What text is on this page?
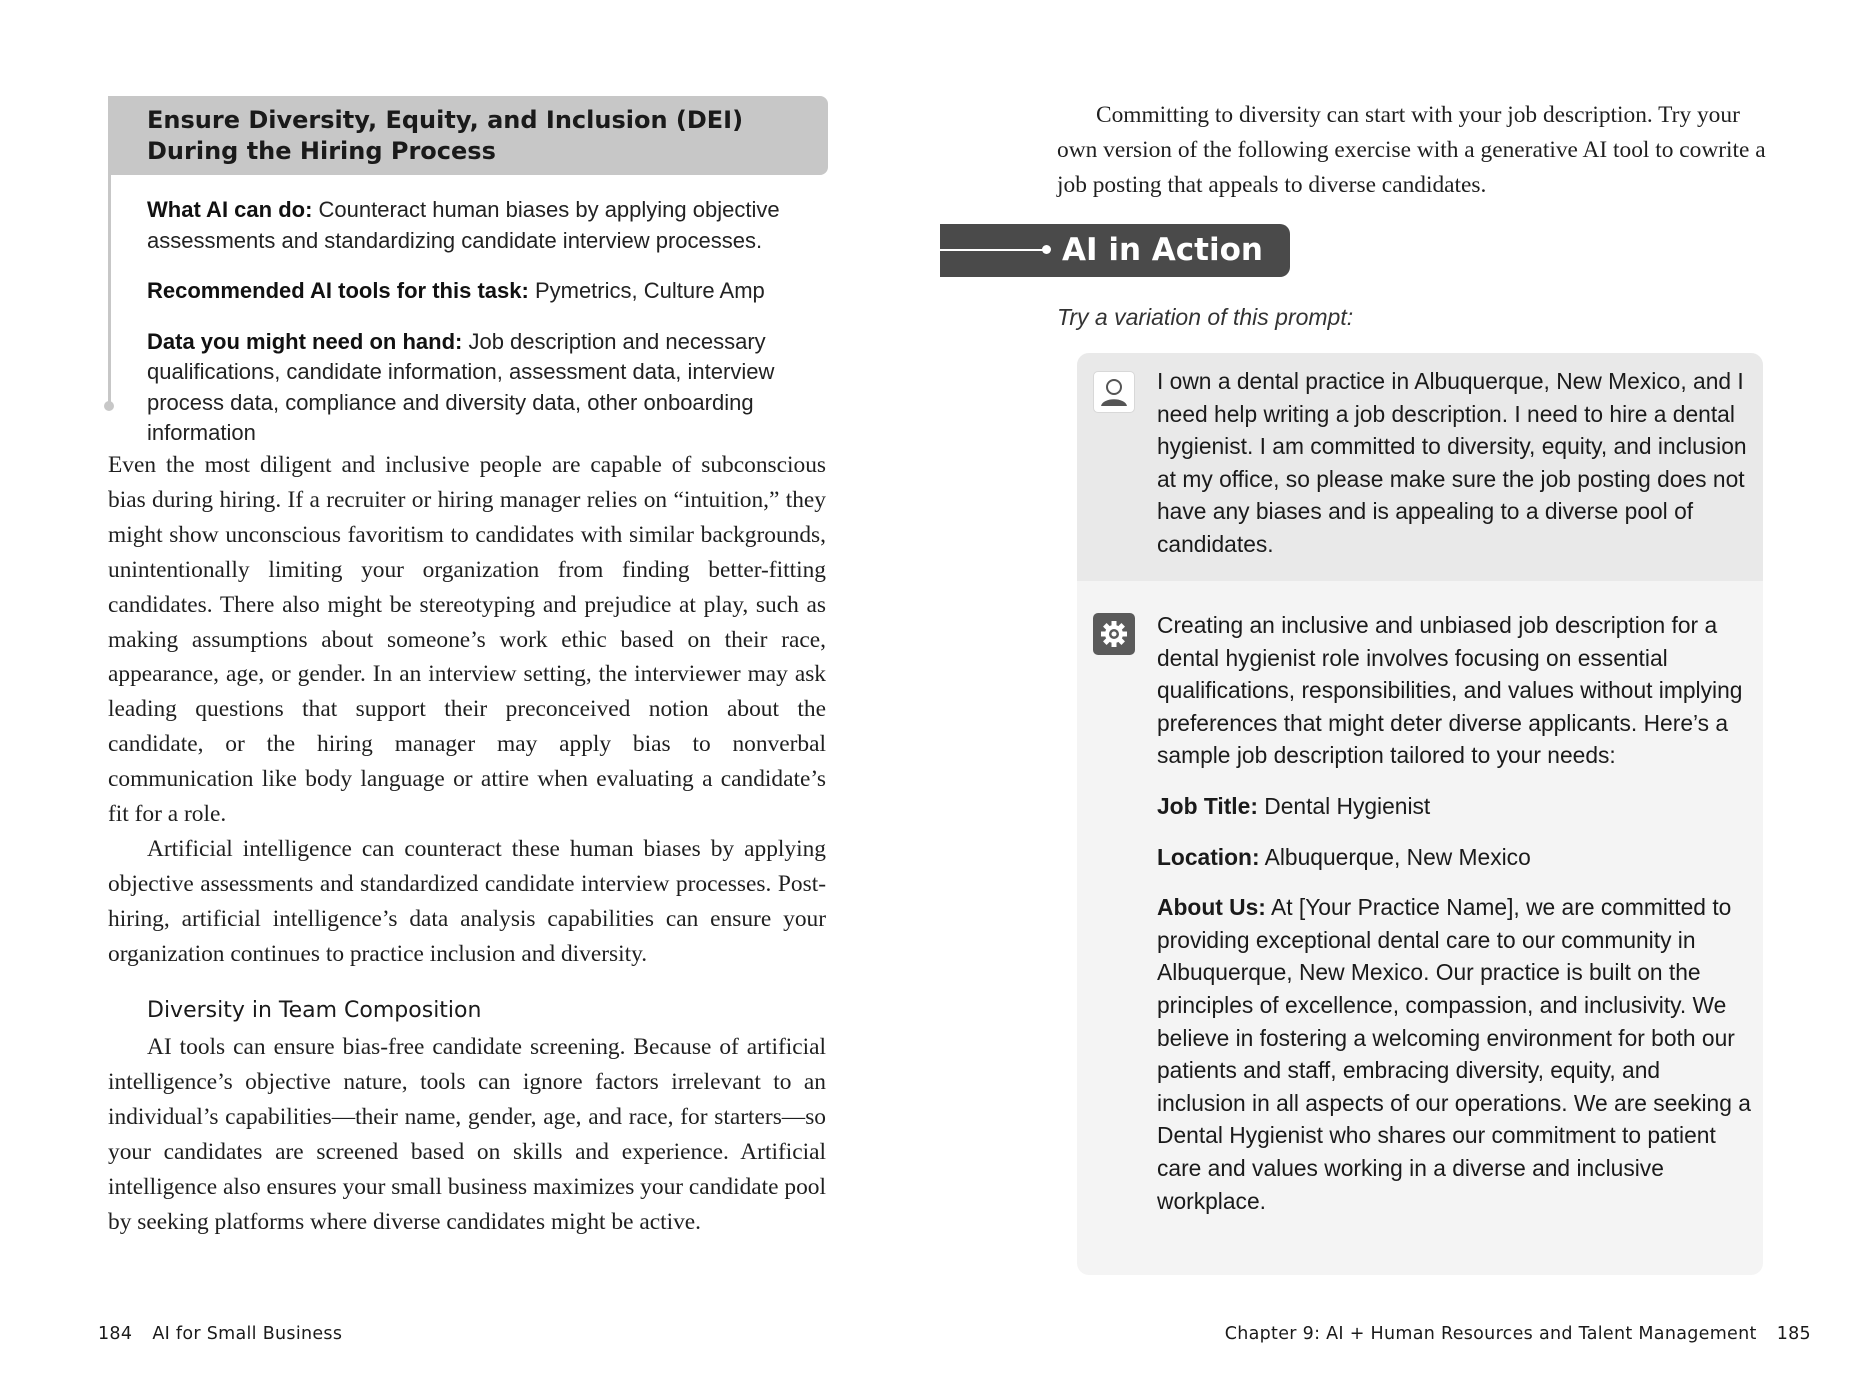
Ensure Diversity, Equity, and Inclusion (DEI)
During the Hiring Process

What AI can do: Counteract human biases by applying objective assessments and standardizing candidate interview processes.

Recommended AI tools for this task: Pymetrics, Culture Amp

Data you might need on hand: Job description and necessary qualifications, candidate information, assessment data, interview process data, compliance and diversity data, other onboarding information

Even the most diligent and inclusive people are capable of subconscious bias during hiring. If a recruiter or hiring manager relies on “intuition,” they might show unconscious favoritism to candidates with similar backgrounds, unintentionally limiting your organization from finding better-fitting candidates. There also might be stereotyping and prejudice at play, such as making assumptions about someone’s work ethic based on their race, appearance, age, or gender. In an interview setting, the interviewer may ask leading questions that support their preconceived notion about the candidate, or the hiring manager may apply bias to nonverbal communication like body language or attire when evaluating a candidate’s fit for a role.

Artificial intelligence can counteract these human biases by applying objective assessments and standardized candidate interview processes. Post-hiring, artificial intelligence’s data analysis capabilities can ensure your organization continues to practice inclusion and diversity.

Diversity in Team Composition

AI tools can ensure bias-free candidate screening. Because of artificial intelligence’s objective nature, tools can ignore factors irrelevant to an individual’s capabilities—their name, gender, age, and race, for starters—so your candidates are screened based on skills and experience. Artificial intelligence also ensures your small business maximizes your candidate pool by seeking platforms where diverse candidates might be active.

184 AI for Small Business
Committing to diversity can start with your job description. Try your own version of the following exercise with a generative AI tool to cowrite a job posting that appeals to diverse candidates.
AI in Action
Try a variation of this prompt:

I own a dental practice in Albuquerque, New Mexico, and I need help writing a job description. I need to hire a dental hygienist. I am committed to diversity, equity, and inclusion at my office, so please make sure the job posting does not have any biases and is appealing to a diverse pool of candidates.

Creating an inclusive and unbiased job description for a dental hygienist role involves focusing on essential qualifications, responsibilities, and values without implying preferences that might deter diverse applicants. Here’s a sample job description tailored to your needs:

Job Title: Dental Hygienist

Location: Albuquerque, New Mexico

About Us: At [Your Practice Name], we are committed to providing exceptional dental care to our community in Albuquerque, New Mexico. Our practice is built on the principles of excellence, compassion, and inclusivity. We believe in fostering a welcoming environment for both our patients and staff, embracing diversity, equity, and inclusion in all aspects of our operations. We are seeking a Dental Hygienist who shares our commitment to patient care and values working in a diverse and inclusive workplace.

Chapter 9: AI + Human Resources and Talent Management 185
